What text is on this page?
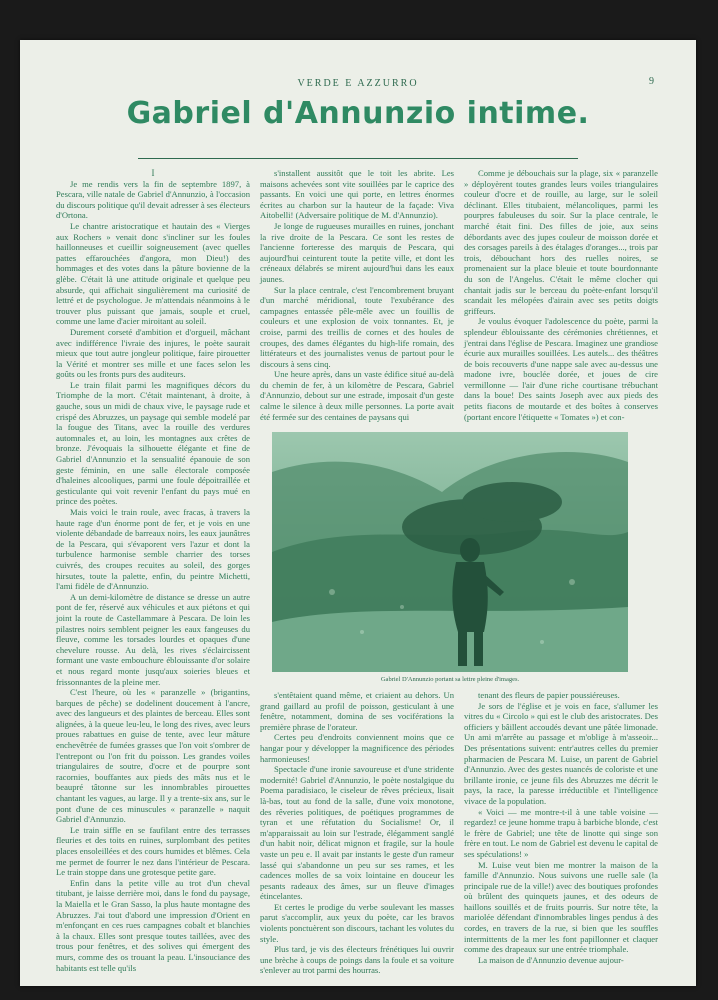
VERDE E AZZURRO	9
Gabriel d'Annunzio intime.

I

Je me rendis vers la fin de septembre 1897, à Pescara, ville natale de Gabriel d'Annunzio, à l'occasion du discours politique qu'il devait adresser à ses électeurs d'Ortona.

Le chantre aristocratique et hautain des « Vierges aux Rochers » venait donc s'incliner sur les foules haillonneuses et cueillir soigneusement (avec quelles pattes effarouchées d'angora, mon Dieu!) des hommages et des votes dans la pâture bovienne de la glèbe. C'était là une attitude originale et quelque peu absurde, qui affichait singulièrement ma curiosité de lettré et de psychologue. Je m'attendais néanmoins à le trouver plus puissant que jamais, souple et cruel, comme une lame d'acier miroitant au soleil.

Durement corseté d'ambition et d'orgueil, mâchant avec indifférence l'ivraie des injures, le poète saurait mieux que tout autre jongleur politique, faire pirouetter la Vérité et montrer ses mille et une faces selon les goûts ou les fronts purs des auditeurs.

Le train filait parmi les magnifiques décors du Triomphe de la mort. C'était maintenant, à droite, à gauche, sous un midi de chaux vive, le paysage rude et crispé des Abruzzes, un paysage qui semble modelé par la fougue des Titans, avec la rouille des verdures automnales et, au loin, les montagnes aux crêtes de bronze. J'évoquais la silhouette élégante et fine de Gabriel d'Annunzio et la sensualité épanouie de son geste féminin, en une salle électorale composée d'haleines alcooliques, parmi une foule dépoitraillée et gesticulante qui voit revenir l'enfant du pays mué en prince des poètes.

Mais voici le train roule, avec fracas, à travers la haute rage d'un énorme pont de fer, et je vois en une violente débandade de barreaux noirs, les eaux jaunâtres de la Pescara, qui s'évaporent vers l'azur et dont la turbulence harmonise semble charrier des torses cuivrés, des croupes recuites au soleil, des gorges hirsutes, toute la palette, enfin, du peintre Michetti, l'ami fidèle de d'Annunzio.

A un demi-kilomètre de distance se dresse un autre pont de fer, réservé aux véhicules et aux piétons et qui joint la route de Castellammare à Pescara. De loin les pilastres noirs semblent peigner les eaux fangeuses du fleuve, comme les torsades lourdes et opaques d'une chevelure rousse. Au delà, les rives s'éclaircissent formant une vaste embouchure éblouissante d'or solaire et nous regard monte jusqu'aux soieries bleues et frissonnantes de la pleine mer.

C'est l'heure, où les « paranzelle » (brigantins, barques de pêche) se dodelinent doucement à l'ancre, avec des langueurs et des plaintes de berceau. Elles sont alignées, à la queue leu-leu, le long des rives, avec leurs proues rabattues en guise de tente, avec leur mâture enchevêtrée de fumées grasses que l'on voit s'ombrer de l'entrepont ou l'on frit du poisson. Les grandes voiles triangulaires de soutre, d'ocre et de pourpre sont racornies, bouffantes aux pieds des mâts nus et le beaupré tâtonne sur les innombrables pirouettes chantant les vagues, au large. Il y a trente-six ans, sur le pont d'une de ces minuscules « paranzelle » naquit Gabriel d'Annunzio.

Le train siffle en se faufilant entre des terrasses fleuries et des toits en ruines, surplombant des petites places ensoleillées et des cours humides et blêmes. Cela me permet de fourrer le nez dans l'intérieur de Pescara. Le train stoppe dans une grotesque petite gare.

Enfin dans la petite ville au trot d'un cheval titubant, je laisse derrière moi, dans le fond du paysage, la Maiella et le Gran Sasso, la plus haute montagne des Abruzzes. J'ai tout d'abord une impression d'Orient en m'enfonçant en ces rues campagnes cobalt et blanchies à la chaux. Elles sont presque toutes taillées, avec des trous pour fenêtres, et des solives qui émergent des murs, comme des os trouant la peau. L'insouciance des habitants est telle qu'ils

s'installent aussitôt que le toit les abrite. Les maisons achevées sont vite souillées par le caprice des passants. En voici une qui porte, en lettres énormes écrites au charbon sur la hauteur de la façade: Viva Aitobelli! (Adversaire politique de M. d'Annunzio).

Je longe de rugueuses murailles en ruines, jonchant la rive droite de la Pescara. Ce sont les restes de l'ancienne forteresse des marquis de Pescara, qui aujourd'hui ceinturent toute la petite ville, et dont les créneaux délabrés se mirent aujourd'hui dans les eaux jaunes.

Sur la place centrale, c'est l'encombrement bruyant d'un marché méridional, toute l'exubérance des campagnes entassée pêle-mêle avec un fouillis de couleurs et une explosion de voix tonnantes. Et, je croise, parmi des treillis de cornes et des houles de croupes, des dames élégantes du high-life romain, des littérateurs et des journalistes venus de partout pour le discours à sens cinq.

Une heure après, dans un vaste édifice situé au-delà du chemin de fer, à un kilomètre de Pescara, Gabriel d'Annunzio, debout sur une estrade, imposait d'un geste calme le silence à deux mille personnes. La porte avait été fermée sur des centaines de paysans qui

Comme je débouchais sur la plage, six « paranzelle » déployèrent toutes grandes leurs voiles triangulaires couleur d'ocre et de rouille, au large, sur le soleil déclinant. Elles titubaient, mélancoliques, parmi les pourpres fabuleuses du soir. Sur la place centrale, le marché était fini. Des filles de joie, aux seins débordants avec des jupes couleur de moisson dorée et des corsages pareils à des étalages d'oranges..., trois par trois, débouchant hors des ruelles noires, se promenaient sur la place bleuie et toute bourdonnante du son de l'Angelus. C'était le même clocher qui chantait jadis sur le berceau du poète-enfant lorsqu'il scandait les mélopées d'airain avec ses petits doigts griffeurs.

Je voulus évoquer l'adolescence du poète, parmi la splendeur éblouissante des cérémonies chrétiennes, et j'entrai dans l'église de Pescara. Imaginez une grandiose écurie aux murailles souillées. Les autels... des théâtres de bois recouverts d'une nappe sale avec au-dessus une madone ivre, bouclée dorée, et joues de cire vermillonne — l'air d'une riche courtisane trébuchant dans la boue! Des saints Joseph avec aux pieds des petits fiacons de moutarde et des boîtes à conserves (portant encore l'étiquette « Tomates ») et con-

Gabriel D'Annunzio portant sa lettre pleine d'images.

s'entêtaient quand même, et criaient au dehors. Un grand gaillard au profil de poisson, gesticulant à une fenêtre, notamment, domina de ses vociférations la première phrase de l'orateur.

Certes peu d'endroits conviennent moins que ce hangar pour y développer la magnificence des périodes harmonieuses!

Spectacle d'une ironie savoureuse et d'une stridente modernité! Gabriel d'Annunzio, le poète nostalgique du Poema paradisiaco, le ciseleur de rêves précieux, lisait là-bas, tout au fond de la salle, d'une voix monotone, des rêveries politiques, de poétiques programmes de tyran et une réfutation du Socialisme! Or, il m'apparaissait au loin sur l'estrade, élégamment sanglé d'un habit noir, délicat mignon et fragile, sur la houle vaste un peu e. Il avait par instants le geste d'un rameur lassé qui s'abandonne un peu sur ses rames, et les cadences molles de sa voix lointaine en douceur les pesants radeaux des âmes, sur un fleuve d'images étincelantes.

Et certes le prodige du verbe soulevant les masses parut s'accomplir, aux yeux du poète, car les bravos violents ponctuèrent son discours, tachant les volutes du style.

Plus tard, je vis des électeurs frénétiques lui ouvrir une brèche à coups de poings dans la foule et sa voiture s'enlever au trot parmi des hourras.

tenant des fleurs de papier poussiéreuses.

Je sors de l'église et je vois en face, s'allumer les vitres du « Circolo » qui est le club des aristocrates. Des officiers y bâillent accoudés devant une pâtée limonade. Un ami m'arrête au passage et m'oblige à m'asseoir... Des présentations suivent: entr'autres celles du premier pharmacien de Pescara M. Luise, un parent de Gabriel d'Annunzio. Avec des gestes nuancés de coloriste et une brillante ironie, ce jeune fils des Abruzzes me décrit le pays, la race, la paresse irréductible et l'intelligence vivace de la population.

« Voici — me montre-t-il à une table voisine — regardez! ce jeune homme trapu à barbiche blonde, c'est le frère de Gabriel; une tête de linotte qui singe son frère en tout. Le nom de Gabriel est devenu le capital de ses spéculations! »

M. Luise veut bien me montrer la maison de la famille d'Annunzio. Nous suivons une ruelle sale (la principale rue de la ville!) avec des boutiques profondes où brûlent des quinquets jaunes, et des odeurs de haillons souillés et de fruits pourris. Sur notre tête, la mariolée défendant d'innombrables linges pendus à des cordes, en travers de la rue, si bien que les souffles intermittents de la mer les font papillonner et claquer comme des drapeaux sur une entrée triomphale.

La maison de d'Annunzio devenue aujour-
